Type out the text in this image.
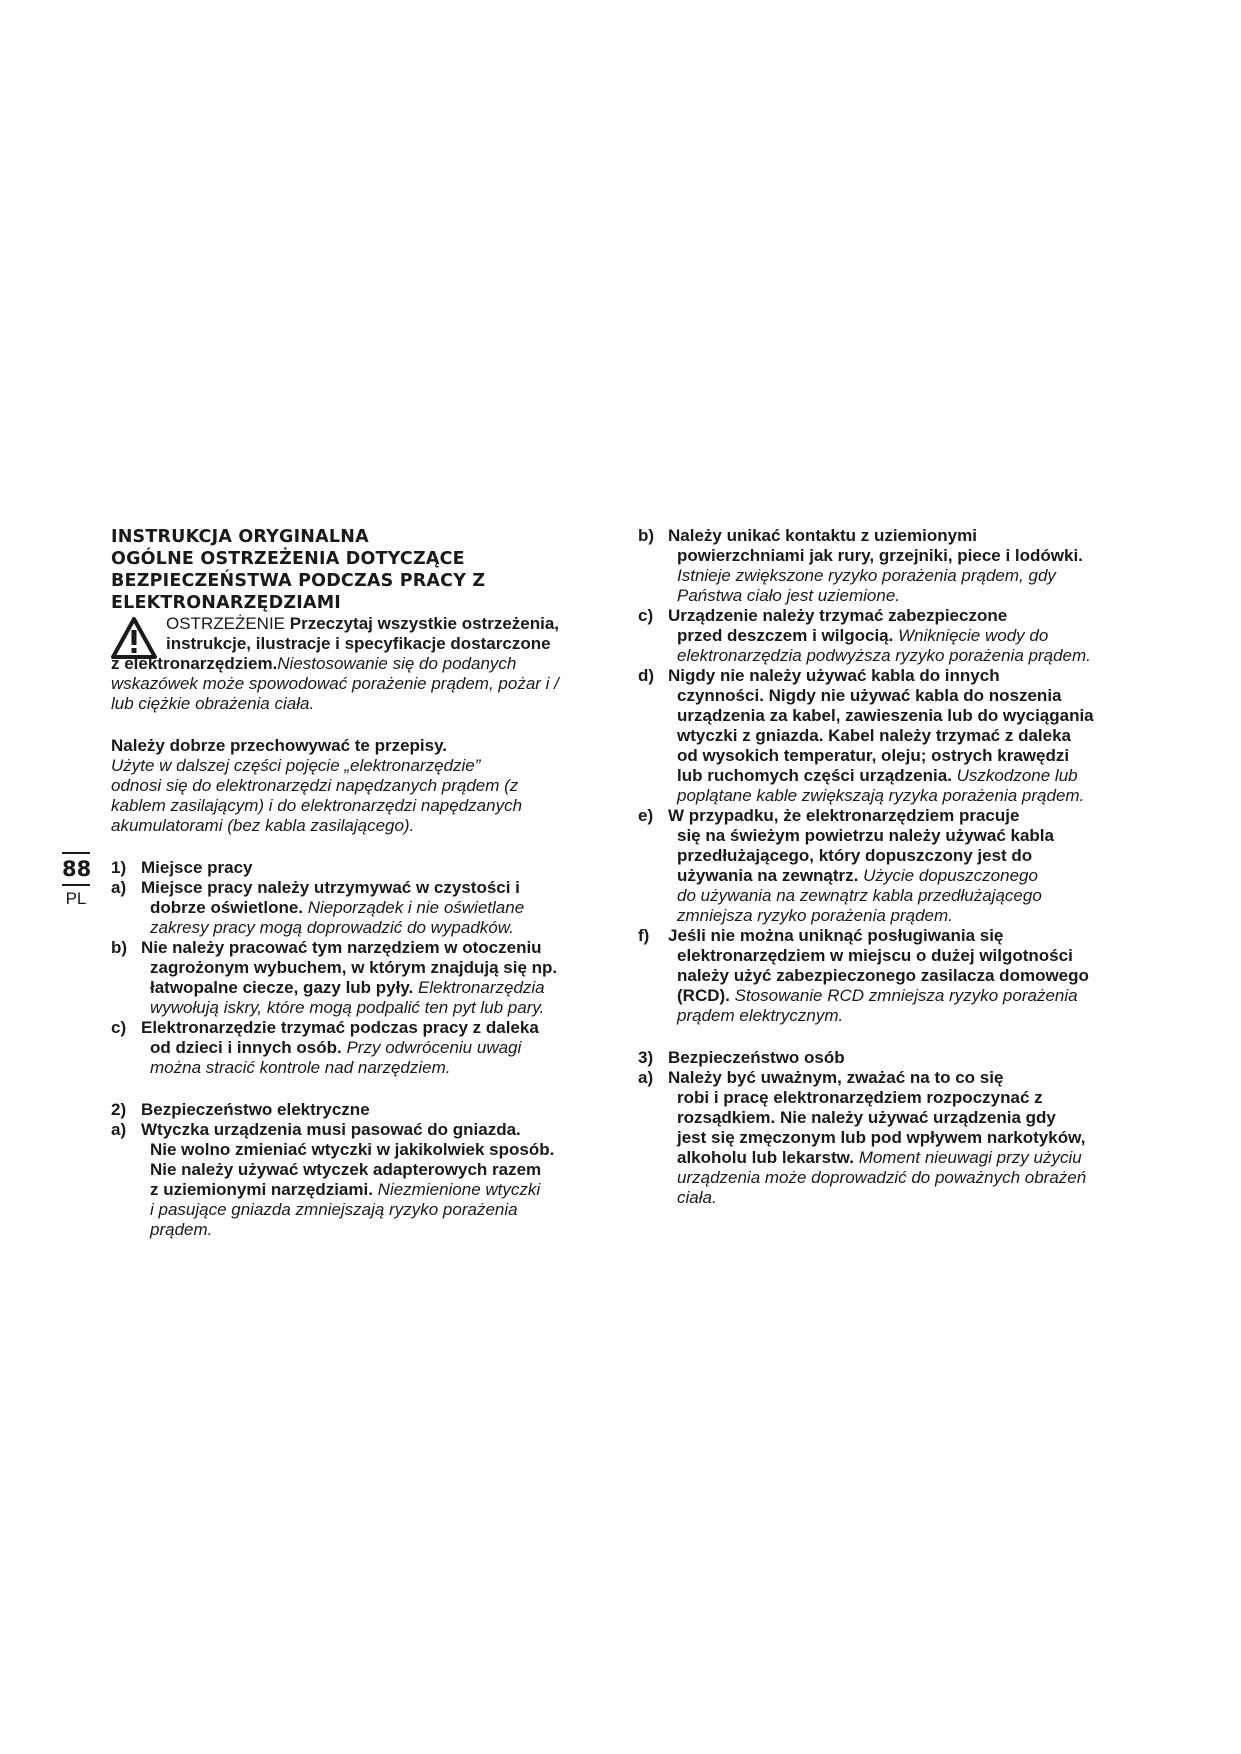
88
PL
INSTRUKCJA ORYGINALNA
OGÓLNE OSTRZEŻENIA DOTYCZĄCE
BEZPIECZEŃSTWA PODCZAS PRACY Z
ELEKTRONARZĘDZIAMI
OSTRZEŻENIE Przeczytaj wszystkie ostrzeżenia,
instrukcje, ilustracje i specyfikacje dostarczone
z elektronarzędziem.Niestosowanie się do podanych
wskazówek może spowodować porażenie prądem, pożar i /
lub ciężkie obrażenia ciała.
Należy dobrze przechowywać te przepisy.
Użyte w dalszej części pojęcie „elektronarzędzie”
odnosi się do elektronarzędzi napędzanych prądem (z
kablem zasilającym) i do elektronarzędzi napędzanych
akumulatorami (bez kabla zasilającego).
1) Miejsce pracy
a) Miejsce pracy należy utrzymywać w czystości i
dobrze oświetlone. Nieporządek i nie oświetlane
zakresy pracy mogą doprowadzić do wypadków.
b) Nie należy pracować tym narzędziem w otoczeniu
zagrożonym wybuchem, w którym znajdują się np.
łatwopalne ciecze, gazy lub pyły. Elektronarzędzia
wywołują iskry, które mogą podpalić ten pyt lub pary.
c) Elektronarzędzie trzymać podczas pracy z daleka
od dzieci i innych osób. Przy odwróceniu uwagi
można stracić kontrole nad narzędziem.
2) Bezpieczeństwo elektryczne
a) Wtyczka urządzenia musi pasować do gniazda.
Nie wolno zmieniać wtyczki w jakikolwiek sposób.
Nie należy używać wtyczek adapterowych razem
z uziemionymi narzędziami. Niezmienione wtyczki
i pasujące gniazda zmniejszają ryzyko porażenia
prądem.
b) Należy unikać kontaktu z uziemionymi
powierzchniami jak rury, grzejniki, piece i lodówki.
Istnieje zwiększone ryzyko porażenia prądem, gdy
Państwa ciało jest uziemione.
c) Urządzenie należy trzymać zabezpieczone
przed deszczem i wilgocią. Wniknięcie wody do
elektronarzędzia podwyższa ryzyko porażenia prądem.
d) Nigdy nie należy używać kabla do innych
czynności. Nigdy nie używać kabla do noszenia
urządzenia za kabel, zawieszenia lub do wyciągania
wtyczki z gniazda. Kabel należy trzymać z daleka
od wysokich temperatur, oleju; ostrych krawędzi
lub ruchomych części urządzenia. Uszkodzone lub
poplątane kable zwiększają ryzyka porażenia prądem.
e) W przypadku, że elektronarzędziem pracuje
się na świeżym powietrzu należy używać kabla
przedłużającego, który dopuszczony jest do
używania na zewnątrz. Użycie dopuszczonego
do używania na zewnątrz kabla przedłużającego
zmniejsza ryzyko porażenia prądem.
f) Jeśli nie można uniknąć posługiwania się
elektronarzędziem w miejscu o dużej wilgotności
należy użyć zabezpieczonego zasilacza domowego
(RCD). Stosowanie RCD zmniejsza ryzyko porażenia
prądem elektrycznym.
3) Bezpieczeństwo osób
a) Należy być uważnym, zważać na to co się
robi i pracę elektronarzędziem rozpoczynać z
rozsądkiem. Nie należy używać urządzenia gdy
jest się zmęczonym lub pod wpływem narkotyków,
alkoholu lub lekarstw. Moment nieuwagi przy użyciu
urządzenia może doprowadzić do poważnych obrażeń
ciała.
